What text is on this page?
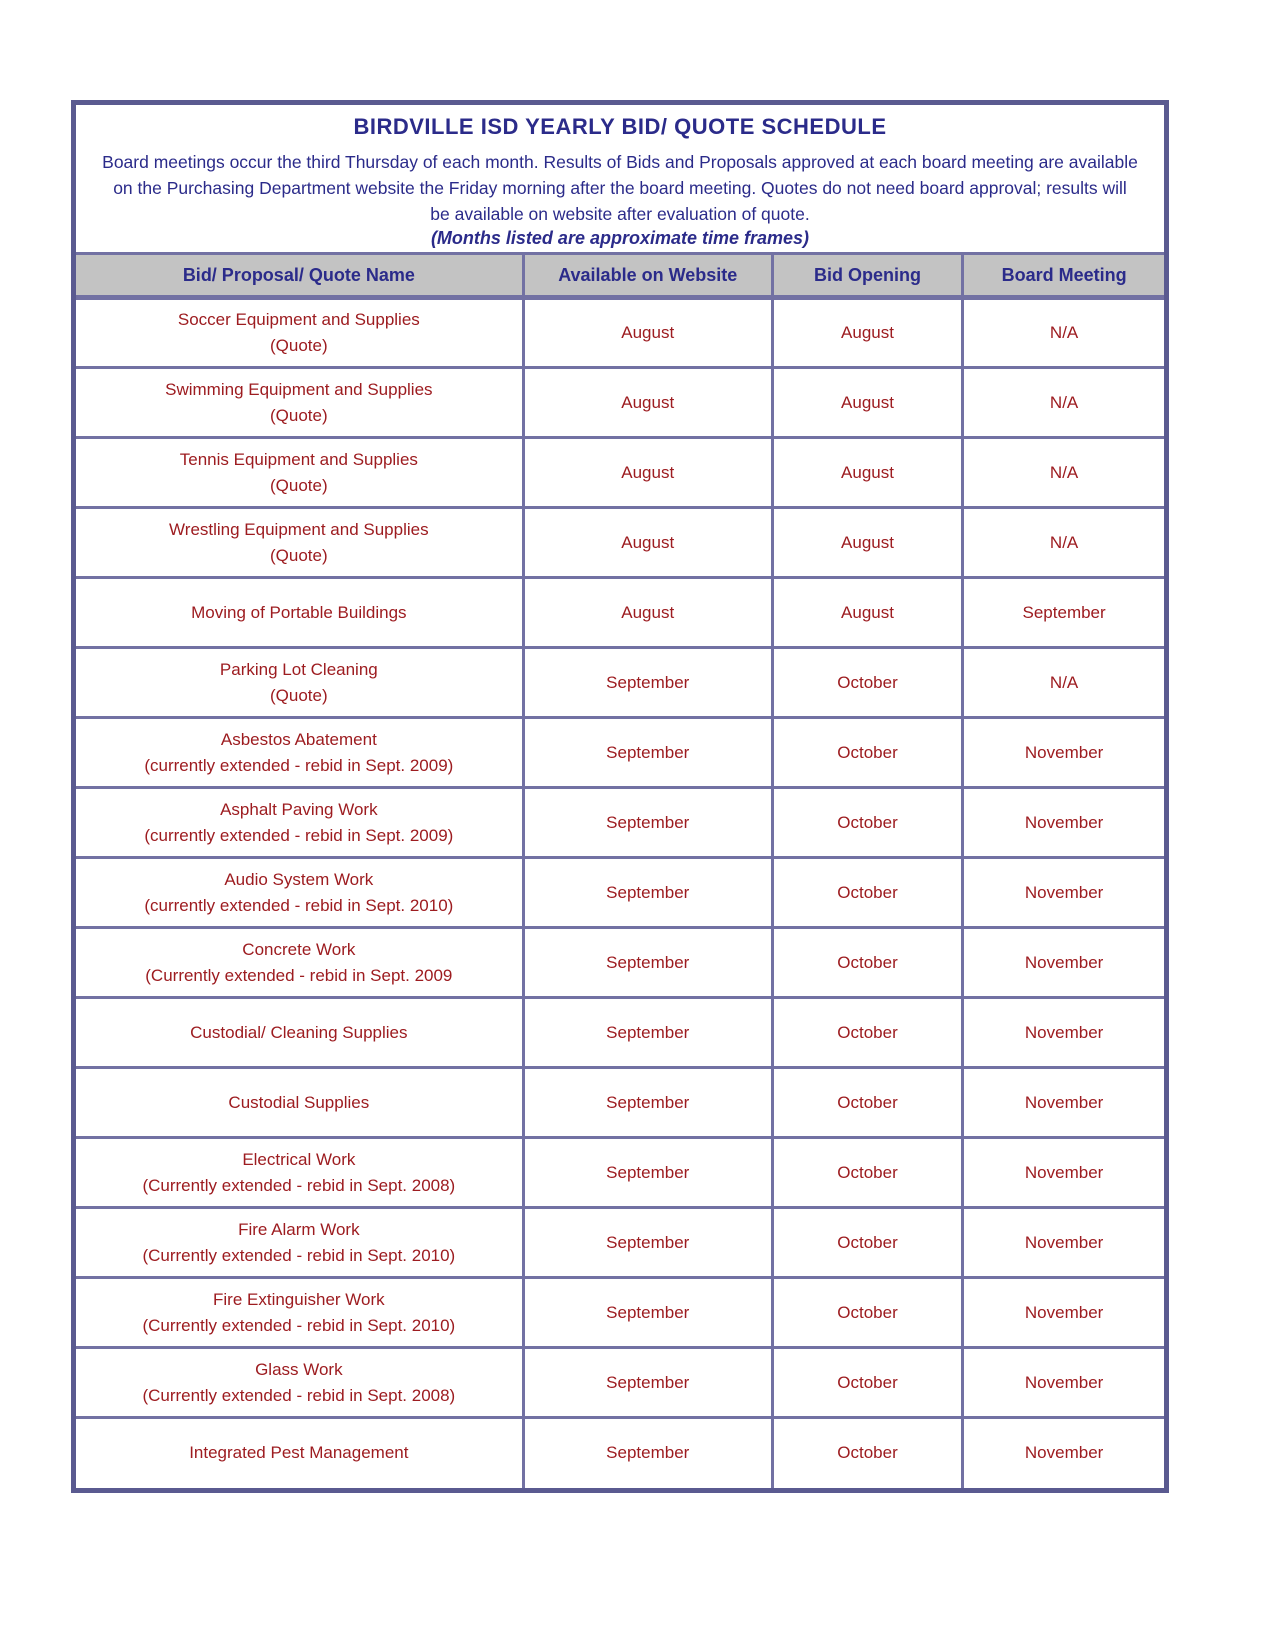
BIRDVILLE ISD YEARLY BID/ QUOTE SCHEDULE
Board meetings occur the third Thursday of each month. Results of Bids and Proposals approved at each board meeting are available on the Purchasing Department website the Friday morning after the board meeting. Quotes do not need board approval; results will be available on website after evaluation of quote.
(Months listed are approximate time frames)
Bid/ Proposal/ Quote Name	Available on Website	Bid Opening	Board Meeting

Soccer Equipment and Supplies
(Quote)	August	August	N/A

Swimming Equipment and Supplies
(Quote)	August	August	N/A

Tennis Equipment and Supplies
(Quote)	August	August	N/A

Wrestling Equipment and Supplies
(Quote)	August	August	N/A

Moving of Portable Buildings	August	August	September

Parking Lot Cleaning
(Quote)	September	October	N/A

Asbestos Abatement
(currently extended - rebid in Sept. 2009)	September	October	November

Asphalt Paving Work
(currently extended - rebid in Sept. 2009)	September	October	November

Audio System Work
(currently extended - rebid in Sept. 2010)	September	October	November

Concrete Work
(Currently extended - rebid in Sept. 2009	September	October	November

Custodial/ Cleaning Supplies	September	October	November

Custodial Supplies	September	October	November

Electrical Work
(Currently extended - rebid in Sept. 2008)	September	October	November

Fire Alarm Work
(Currently extended - rebid in Sept. 2010)	September	October	November

Fire Extinguisher Work
(Currently extended - rebid in Sept. 2010)	September	October	November

Glass Work
(Currently extended - rebid in Sept. 2008)	September	October	November

Integrated Pest Management	September	October	November
